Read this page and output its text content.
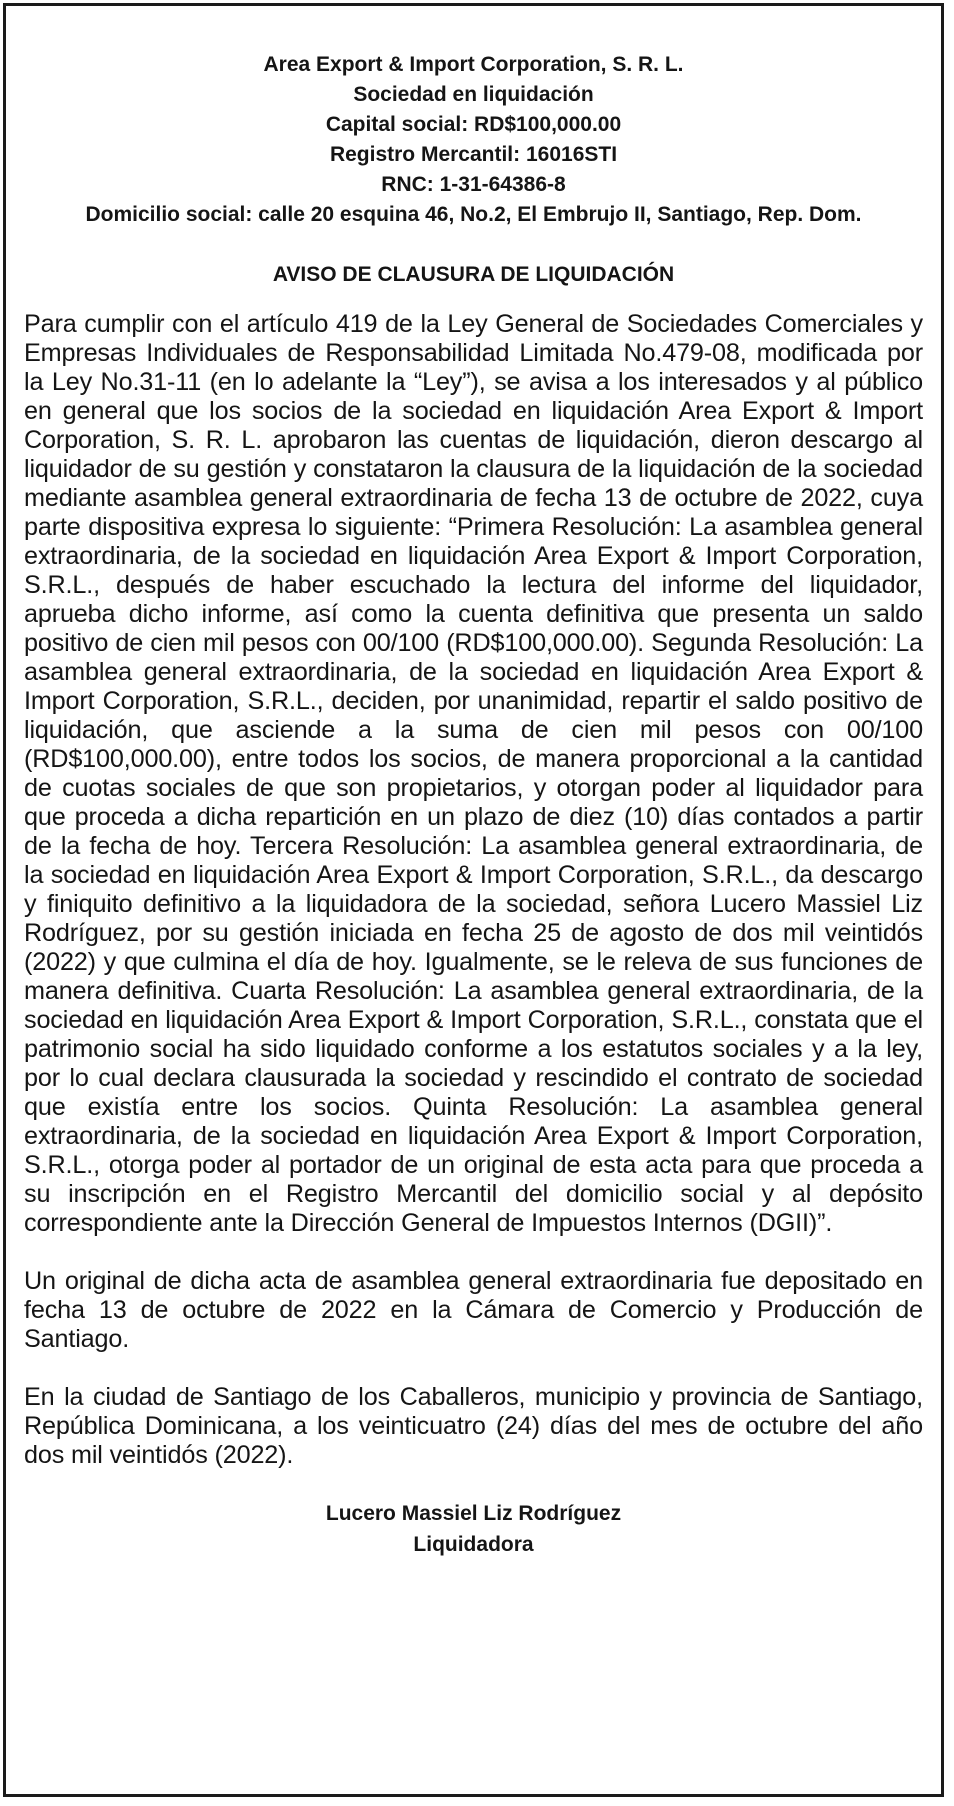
Area Export & Import Corporation, S. R. L.
Sociedad en liquidación
Capital social: RD$100,000.00
Registro Mercantil: 16016STI
RNC: 1-31-64386-8
Domicilio social: calle 20 esquina 46, No.2, El Embrujo II, Santiago, Rep. Dom.
AVISO DE CLAUSURA DE LIQUIDACIÓN

Para cumplir con el artículo 419 de la Ley General de Sociedades Comerciales y Empresas Individuales de Responsabilidad Limitada No.479-08, modificada por la Ley No.31-11 (en lo adelante la “Ley”), se avisa a los interesados y al público en general que los socios de la sociedad en liquidación Area Export & Import Corporation, S. R. L. aprobaron las cuentas de liquidación, dieron descargo al liquidador de su gestión y constataron la clausura de la liquidación de la sociedad mediante asamblea general extraordinaria de fecha 13 de octubre de 2022, cuya parte dispositiva expresa lo siguiente: “Primera Resolución: La asamblea general extraordinaria, de la sociedad en liquidación Area Export & Import Corporation, S.R.L., después de haber escuchado la lectura del informe del liquidador, aprueba dicho informe, así como la cuenta definitiva que presenta un saldo positivo de cien mil pesos con 00/100 (RD$100,000.00). Segunda Resolución: La asamblea general extraordinaria, de la sociedad en liquidación Area Export & Import Corporation, S.R.L., deciden, por unanimidad, repartir el saldo positivo de liquidación, que asciende a la suma de cien mil pesos con 00/100 (RD$100,000.00), entre todos los socios, de manera proporcional a la cantidad de cuotas sociales de que son propietarios, y otorgan poder al liquidador para que proceda a dicha repartición en un plazo de diez (10) días contados a partir de la fecha de hoy. Tercera Resolución: La asamblea general extraordinaria, de la sociedad en liquidación Area Export & Import Corporation, S.R.L., da descargo y finiquito definitivo a la liquidadora de la sociedad, señora Lucero Massiel Liz Rodríguez, por su gestión iniciada en fecha 25 de agosto de dos mil veintidós (2022) y que culmina el día de hoy. Igualmente, se le releva de sus funciones de manera definitiva. Cuarta Resolución: La asamblea general extraordinaria, de la sociedad en liquidación Area Export & Import Corporation, S.R.L., constata que el patrimonio social ha sido liquidado conforme a los estatutos sociales y a la ley, por lo cual declara clausurada la sociedad y rescindido el contrato de sociedad que existía entre los socios. Quinta Resolución: La asamblea general extraordinaria, de la sociedad en liquidación Area Export & Import Corporation, S.R.L., otorga poder al portador de un original de esta acta para que proceda a su inscripción en el Registro Mercantil del domicilio social y al depósito correspondiente ante la Dirección General de Impuestos Internos (DGII)”.

Un original de dicha acta de asamblea general extraordinaria fue depositado en fecha 13 de octubre de 2022 en la Cámara de Comercio y Producción de Santiago.

En la ciudad de Santiago de los Caballeros, municipio y provincia de Santiago, República Dominicana, a los veinticuatro (24) días del mes de octubre del año dos mil veintidós (2022).

Lucero Massiel Liz Rodríguez
Liquidadora
